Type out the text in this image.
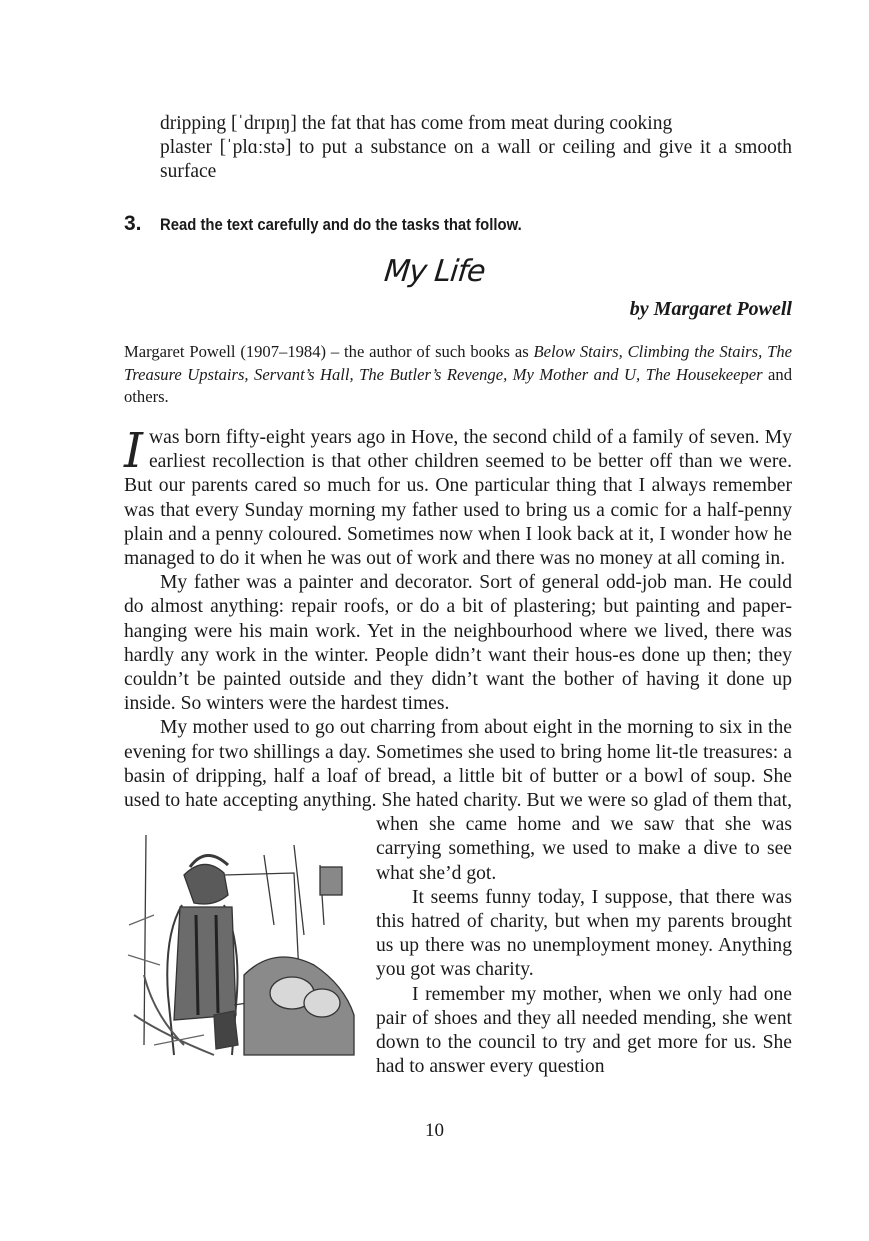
dripping [ˈdrɪpɪŋ] the fat that has come from meat during cooking

plaster [ˈplɑːstə] to put a substance on a wall or ceiling and give it a smooth surface

3. Read the text carefully and do the tasks that follow.
My Life
by Margaret Powell

Margaret Powell (1907–1984) – the author of such books as Below Stairs, Climbing the Stairs, The Treasure Upstairs, Servant’s Hall, The Butler’s Revenge, My Mother and U, The Housekeeper and others.

Iwas born fifty-eight years ago in Hove, the second child of a family of seven. My earliest recollection is that other children seemed to be better off than we were. But our parents cared so much for us. One particular thing that I always remember was that every Sunday morning my father used to bring us a comic for a half-penny plain and a penny coloured. Sometimes now when I look back at it, I wonder how he managed to do it when he was out of work and there was no money at all coming in.

My father was a painter and decorator. Sort of general odd-job man. He could do almost anything: repair roofs, or do a bit of plastering; but painting and paper-hanging were his main work. Yet in the neighbourhood where we lived, there was hardly any work in the winter. People didn’t want their hous-es done up then; they couldn’t be painted outside and they didn’t want the bother of having it done up inside. So winters were the hardest times.

My mother used to go out charring from about eight in the morning to six in the evening for two shillings a day. Sometimes she used to bring home lit-tle treasures: a basin of dripping, half a loaf of bread, a little bit of butter or a bowl of soup. She used to hate accepting anything. She hated charity. But we
were so glad of them that, when she came home and we saw that she was carrying something, we used to make a dive to see what she’d got.

It seems funny today, I suppose, that there was this hatred of charity, but when my parents brought us up there was no unemployment money. Anything you got was charity.

I remember my mother, when we only had one pair of shoes and they all needed mending, she went down to the council to try and get more for us. She had to answer every question

10
